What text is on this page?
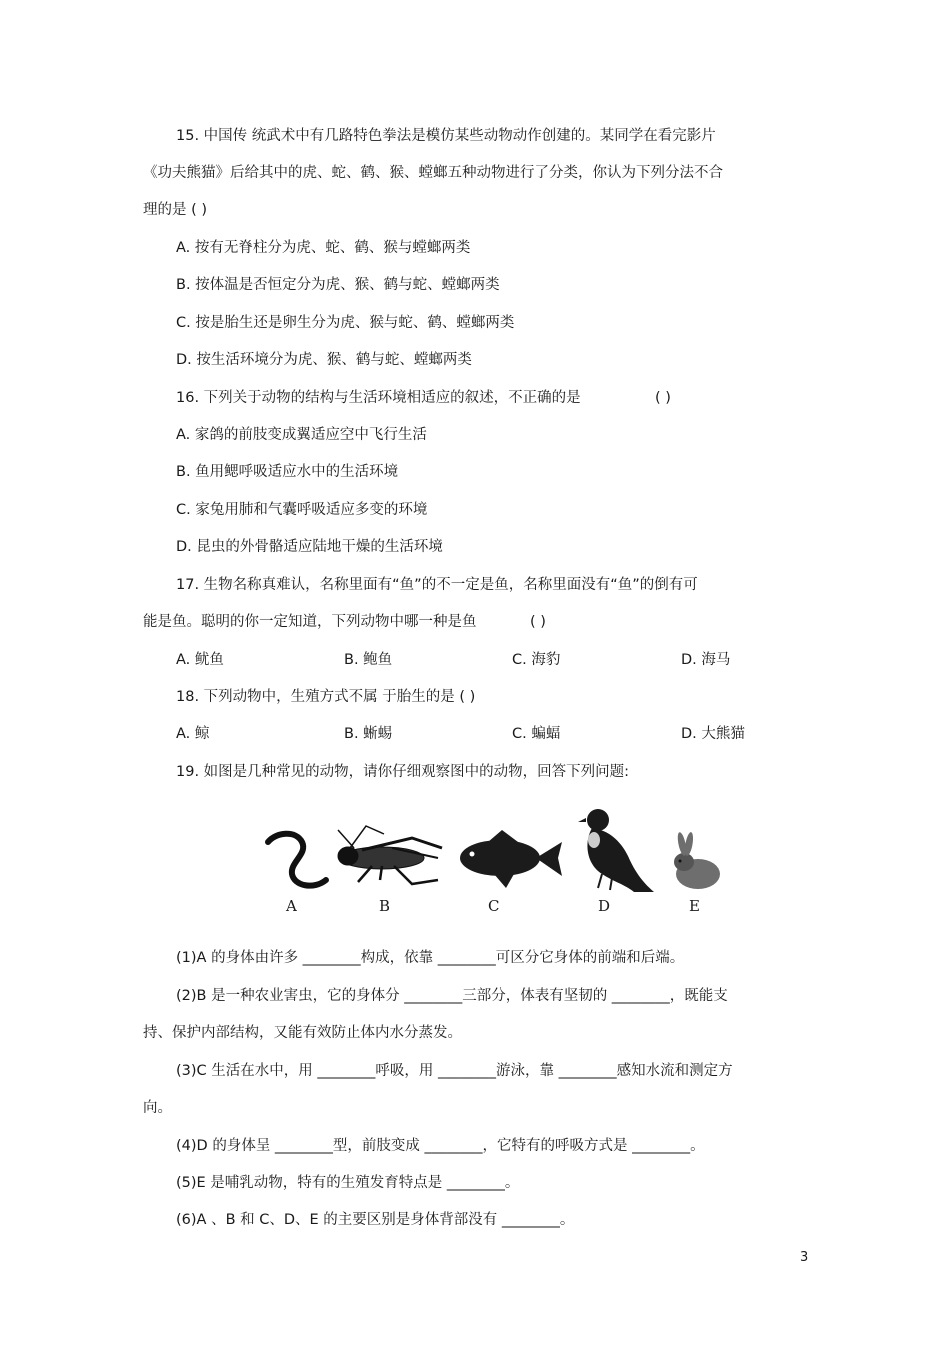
15. 中国传 统武术中有几路特色拳法是模仿某些动物动作创建的。某同学在看完影片
《功夫熊猫》后给其中的虎、蛇、鹤、猴、螳螂五种动物进行了分类，你认为下列分法不合
理的是 ( )
A. 按有无脊柱分为虎、蛇、鹤、猴与螳螂两类
B. 按体温是否恒定分为虎、猴、鹤与蛇、螳螂两类
C. 按是胎生还是卵生分为虎、猴与蛇、鹤、螳螂两类
D. 按生活环境分为虎、猴、鹤与蛇、螳螂两类
16. 下列关于动物的结构与生活环境相适应的叙述，不正确的是	( )
A. 家鸽的前肢变成翼适应空中飞行生活
B. 鱼用鳃呼吸适应水中的生活环境
C. 家兔用肺和气囊呼吸适应多变的环境
D. 昆虫的外骨骼适应陆地干燥的生活环境
17. 生物名称真难认，名称里面有“鱼”的不一定是鱼，名称里面没有“鱼”的倒有可
能是鱼。聪明的你一定知道，下列动物中哪一种是鱼	( )
A. 鱿鱼	B. 鲍鱼	C. 海豹	D. 海马
18. 下列动物中，生殖方式不属 于胎生的是 ( )
A. 鲸	B. 蜥蜴	C. 蝙蝠	D. 大熊猫
19. 如图是几种常见的动物，请你仔细观察图中的动物，回答下列问题:
A	B	C	D	E
(1)A 的身体由许多 ________构成，依靠 ________可区分它身体的前端和后端。
(2)B 是一种农业害虫，它的身体分 ________三部分，体表有坚韧的 ________，既能支
持、保护内部结构，又能有效防止体内水分蒸发。
(3)C 生活在水中，用 ________呼吸，用 ________游泳，靠 ________感知水流和测定方
向。
(4)D 的身体呈 ________型，前肢变成 ________，它特有的呼吸方式是 ________。
(5)E 是哺乳动物，特有的生殖发育特点是 ________。
(6)A 、B 和 C、D、E 的主要区别是身体背部没有 ________。
3
